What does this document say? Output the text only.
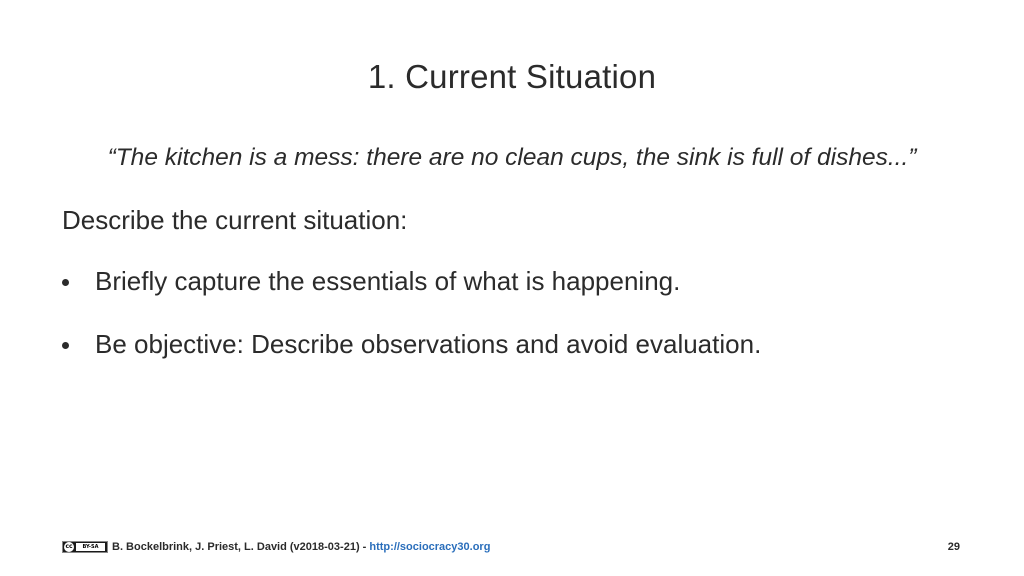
1. Current Situation

“The kitchen is a mess: there are no clean cups, the sink is full of dishes...”

Describe the current situation:

Briefly capture the essentials of what is happening.
Be objective: Describe observations and avoid evaluation.
cc	BY-SA	B. Bockelbrink, J. Priest, L. David (v2018-03-21) - http://sociocracy30.org	29
